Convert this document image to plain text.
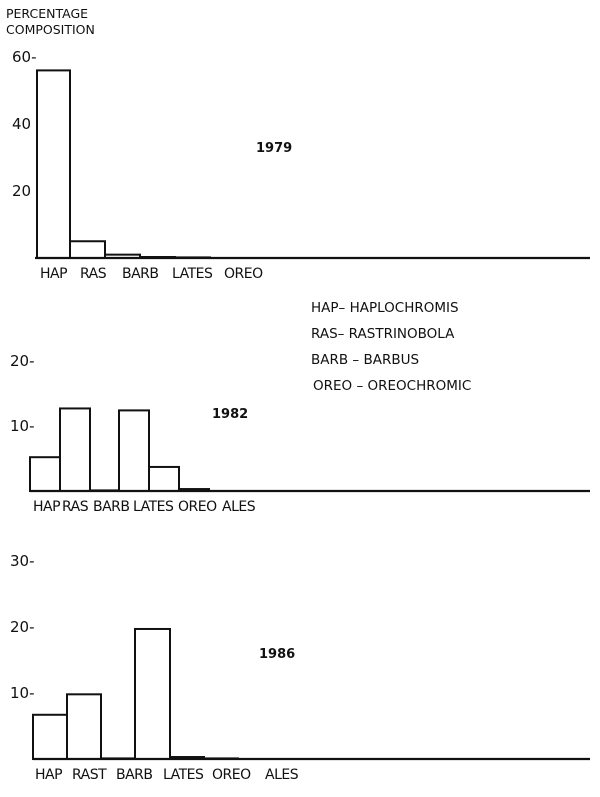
PERCENTAGE
COMPOSITION
HAP– HAPLOCHROMIS
RAS– RASTRINOBOLA
BARB – BARBUS
OREO – OREOCHROMIC
HAP RAS BARB LATES OREO
60-
40
20
1979
HAP RAS BARB LATES OREO ALES
20-
10-
1982
HAP RAST BARB LATES OREO ALES
30-
20-
10-
1986
